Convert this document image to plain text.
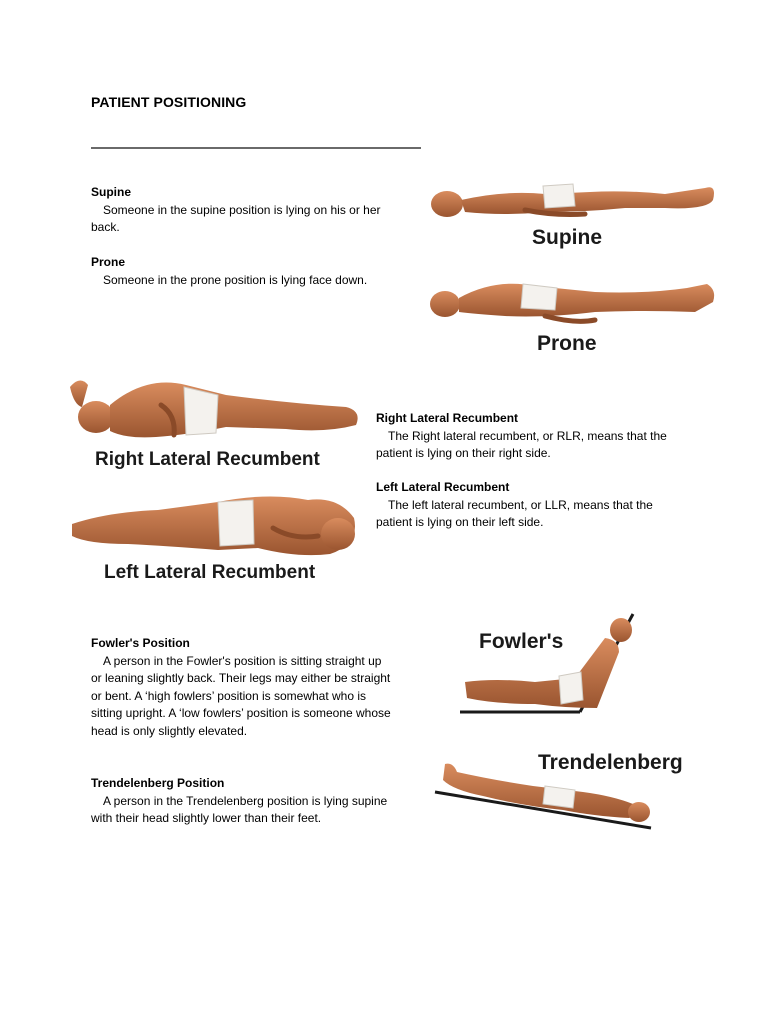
PATIENT POSITIONING
Supine
Someone in the supine position is lying on his or her back.
Prone
Someone in the prone position is lying face down.
Right Lateral Recumbent
The Right lateral recumbent, or RLR, means that the patient is lying on their right side.
Left Lateral Recumbent
The left lateral recumbent, or LLR, means that the patient is lying on their left side.
Fowler's Position
A person in the Fowler's position is sitting straight up or leaning slightly back. Their legs may either be straight or bent. A ‘high fowlers’ position is somewhat who is sitting upright. A ‘low fowlers’ position is someone whose head is only slightly elevated.
Trendelenberg Position
A person in the Trendelenberg position is lying supine with their head slightly lower than their feet.
Supine
Prone
Right Lateral Recumbent
Left Lateral Recumbent
Fowler's
Trendelenberg
